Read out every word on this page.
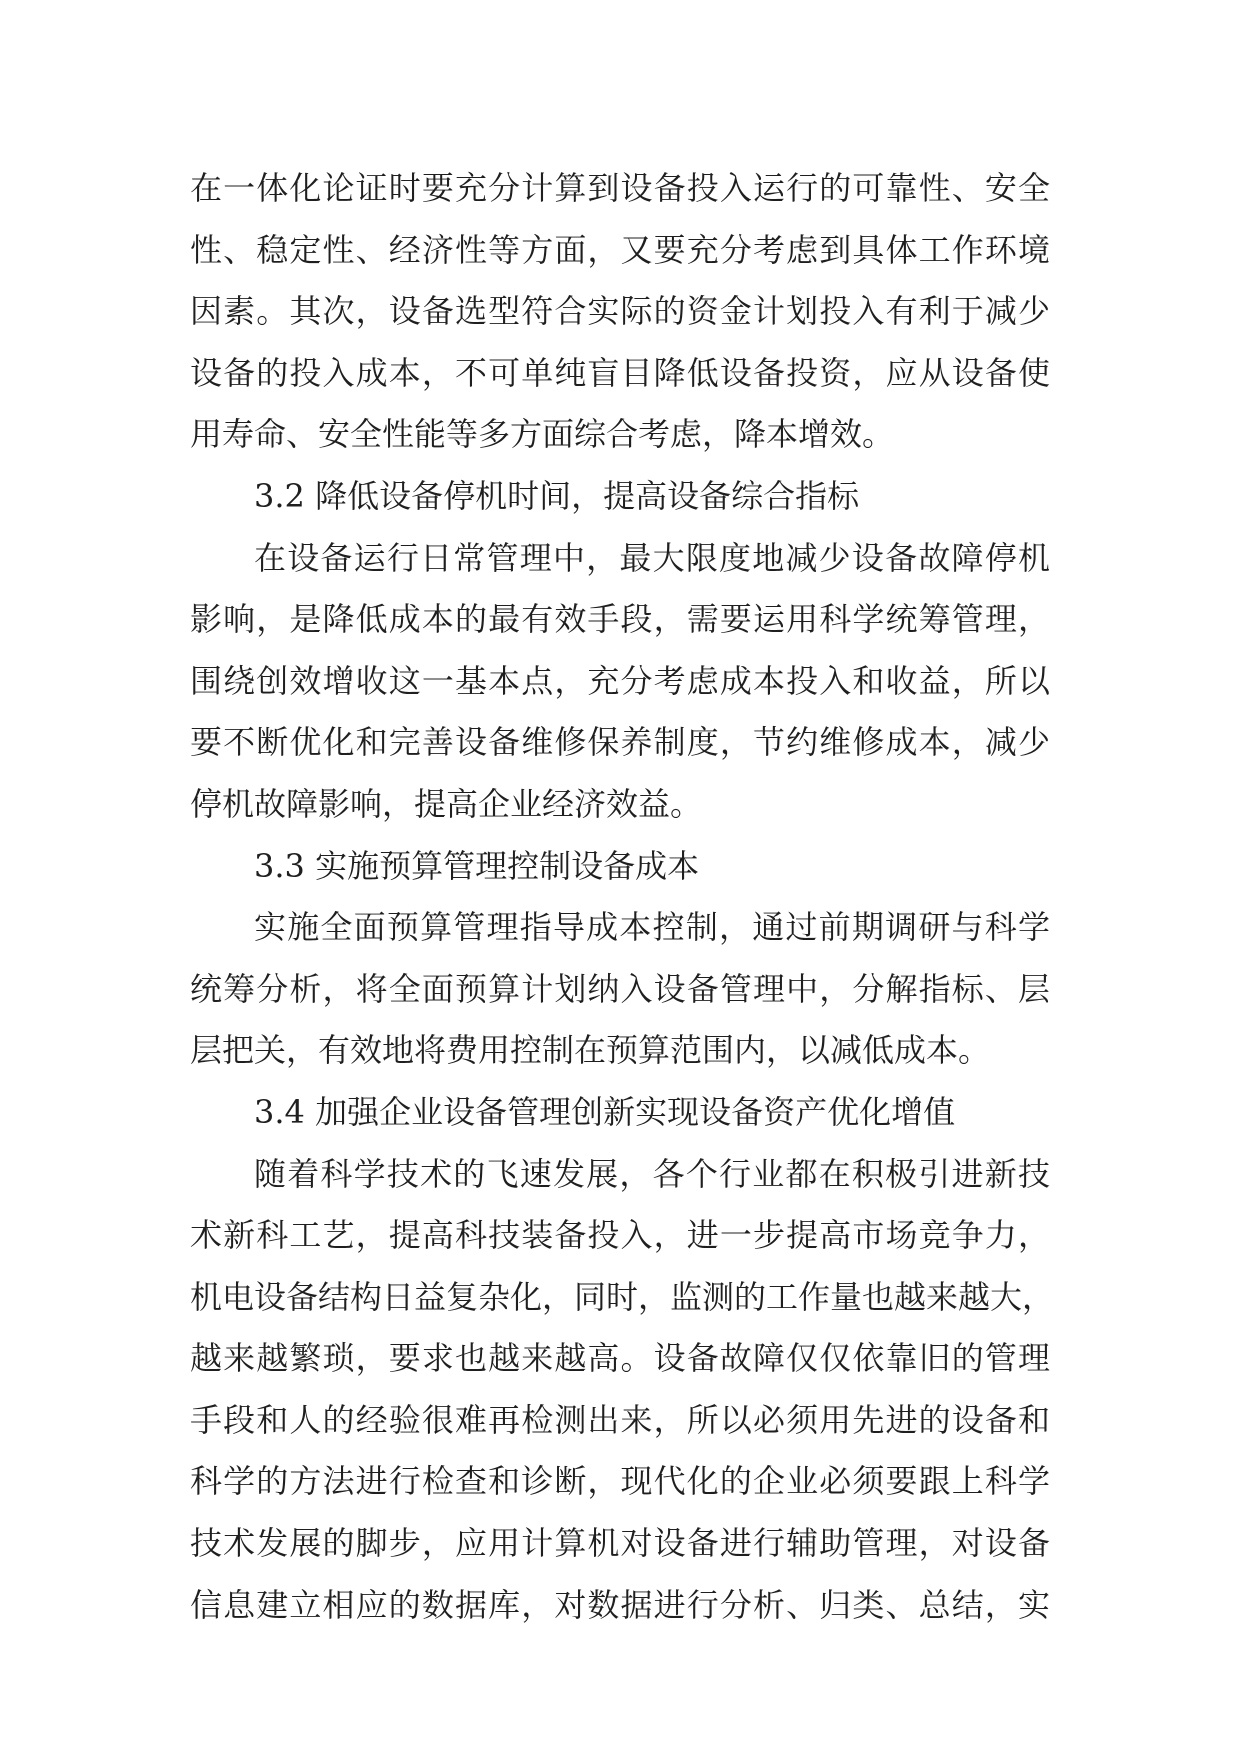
在一体化论证时要充分计算到设备投入运行的可靠性、安全
性、稳定性、经济性等方面，又要充分考虑到具体工作环境
因素。其次，设备选型符合实际的资金计划投入有利于减少
设备的投入成本，不可单纯盲目降低设备投资，应从设备使
用寿命、安全性能等多方面综合考虑，降本增效。
3.2 降低设备停机时间，提高设备综合指标
在设备运行日常管理中，最大限度地减少设备故障停机
影响，是降低成本的最有效手段，需要运用科学统筹管理，
围绕创效增收这一基本点，充分考虑成本投入和收益，所以
要不断优化和完善设备维修保养制度，节约维修成本，减少
停机故障影响，提高企业经济效益。
3.3 实施预算管理控制设备成本
实施全面预算管理指导成本控制，通过前期调研与科学
统筹分析，将全面预算计划纳入设备管理中，分解指标、层
层把关，有效地将费用控制在预算范围内，以减低成本。
3.4 加强企业设备管理创新实现设备资产优化增值
随着科学技术的飞速发展，各个行业都在积极引进新技
术新科工艺，提高科技装备投入，进一步提高市场竞争力，
机电设备结构日益复杂化，同时，监测的工作量也越来越大，
越来越繁琐，要求也越来越高。设备故障仅仅依靠旧的管理
手段和人的经验很难再检测出来，所以必须用先进的设备和
科学的方法进行检查和诊断，现代化的企业必须要跟上科学
技术发展的脚步，应用计算机对设备进行辅助管理，对设备
信息建立相应的数据库，对数据进行分析、归类、总结，实
